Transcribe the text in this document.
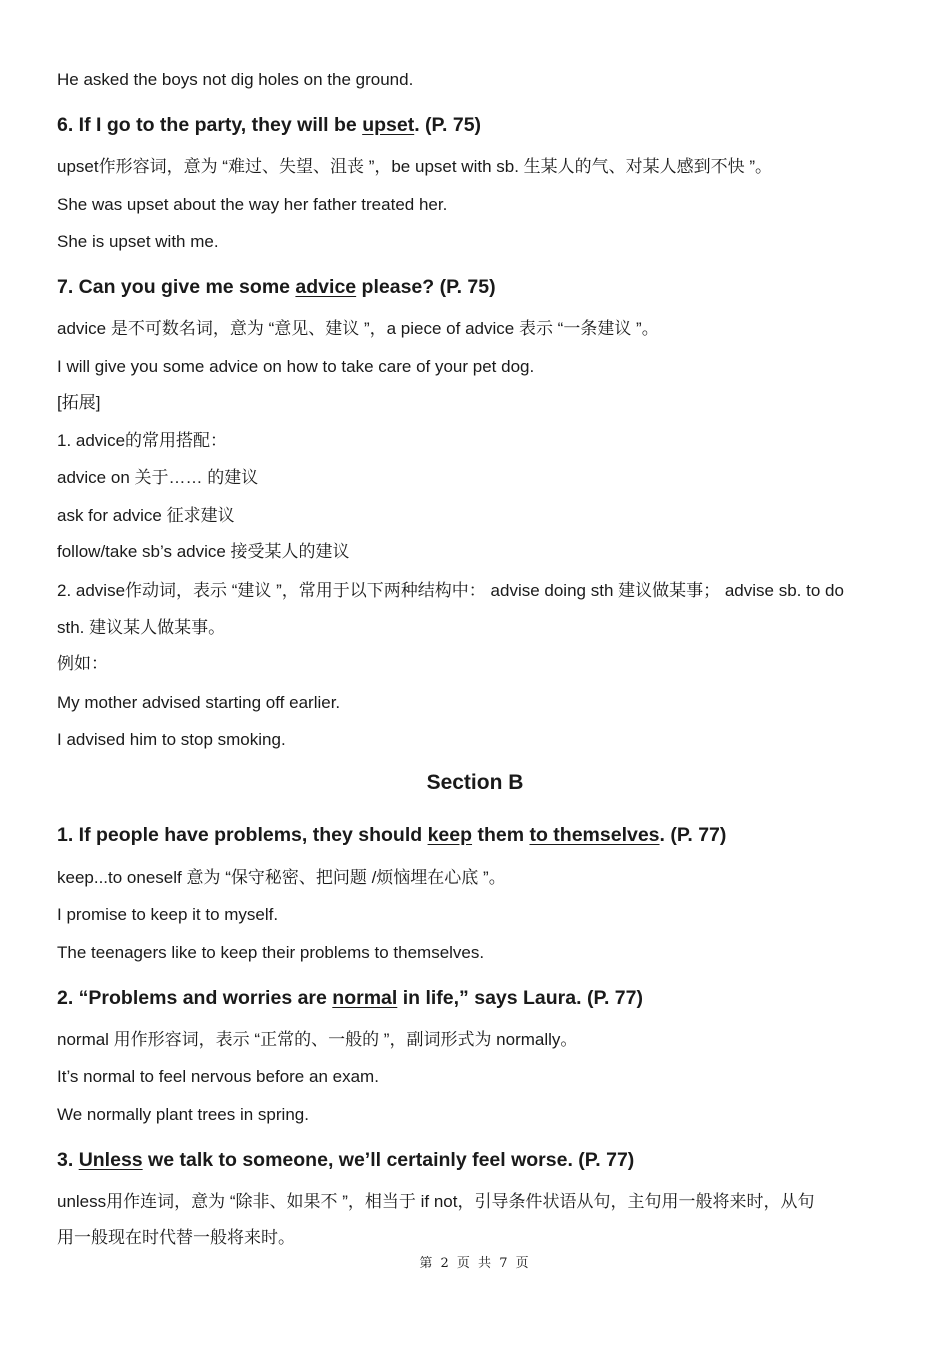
He asked the boys not dig holes on the ground.
6. If I go to the party, they will be upset. (P. 75)
upset作形容词，意为 “难过、失望、沮丧 ”，be upset with sb. 生某人的气、对某人感到不快 ”。
She was upset about the way her father treated her.
She is upset with me.
7. Can you give me some advice please? (P. 75)
advice 是不可数名词，意为 “意见、建议 ”，a piece of advice 表示 “一条建议 ”。
I will give you some advice on how to take care of your pet dog.
[拓展]
1. advice的常用搭配：
advice on 关于…… 的建议
ask for advice 征求建议
follow/take sb’s advice 接受某人的建议
2. advise作动词，表示 “建议 ”，常用于以下两种结构中： advise doing sth 建议做某事； advise sb. to do
sth. 建议某人做某事。
例如：
My mother advised starting off earlier.
I advised him to stop smoking.
Section B
1. If people have problems, they should keep them to themselves. (P. 77)
keep...to oneself 意为 “保守秘密、把问题 /烦恼埋在心底 ”。
I promise to keep it to myself.
The teenagers like to keep their problems to themselves.
2. “Problems and worries are normal in life,” says Laura. (P. 77)
normal 用作形容词，表示 “正常的、一般的 ”，副词形式为 normally。
It’s normal to feel nervous before an exam.
We normally plant trees in spring.
3. Unless we talk to someone, we’ll certainly feel worse. (P. 77)
unless用作连词，意为 “除非、如果不 ”，相当于 if not，引导条件状语从句，主句用一般将来时，从句
用一般现在时代替一般将来时。
第 2 页 共 7 页
